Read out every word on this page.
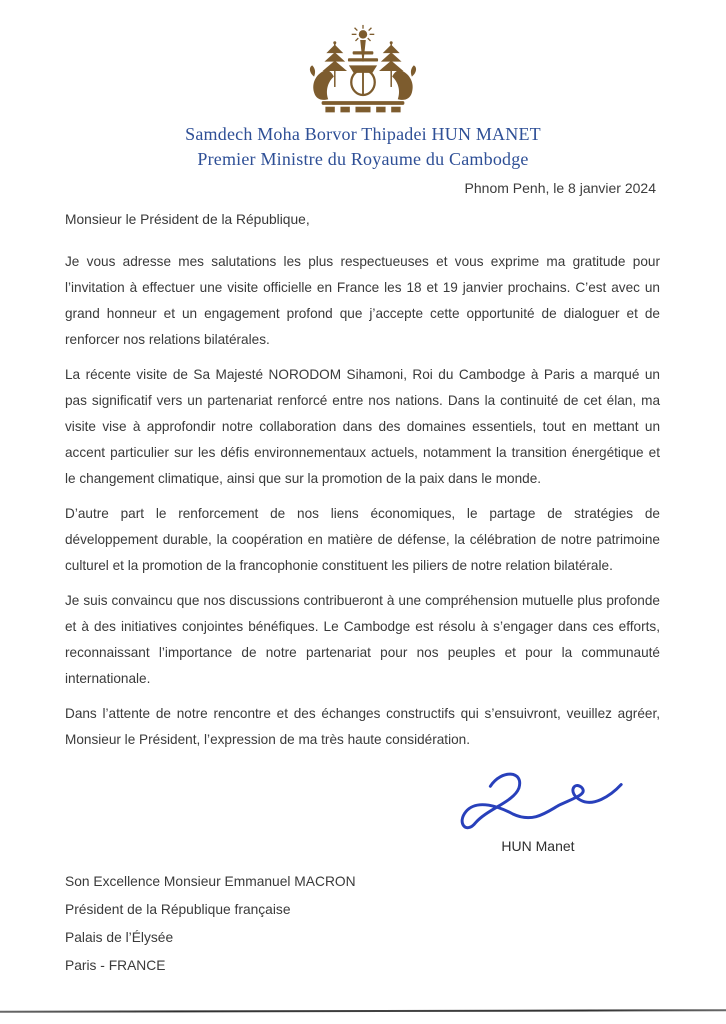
Samdech Moha Borvor Thipadei HUN MANET
Premier Ministre du Royaume du Cambodge
Phnom Penh, le 8 janvier 2024
Monsieur le Président de la République,

Je vous adresse mes salutations les plus respectueuses et vous exprime ma gratitude pour l’invitation à effectuer une visite officielle en France les 18 et 19 janvier prochains. C’est avec un grand honneur et un engagement profond que j’accepte cette opportunité de dialoguer et de renforcer nos relations bilatérales.

La récente visite de Sa Majesté NORODOM Sihamoni, Roi du Cambodge à Paris a marqué un pas significatif vers un partenariat renforcé entre nos nations. Dans la continuité de cet élan, ma visite vise à approfondir notre collaboration dans des domaines essentiels, tout en mettant un accent particulier sur les défis environnementaux actuels, notamment la transition énergétique et le changement climatique, ainsi que sur la promotion de la paix dans le monde.

D’autre part le renforcement de nos liens économiques, le partage de stratégies de développement durable, la coopération en matière de défense, la célébration de notre patrimoine culturel et la promotion de la francophonie constituent les piliers de notre relation bilatérale.

Je suis convaincu que nos discussions contribueront à une compréhension mutuelle plus profonde et à des initiatives conjointes bénéfiques. Le Cambodge est résolu à s’engager dans ces efforts, reconnaissant l’importance de notre partenariat pour nos peuples et pour la communauté internationale.

Dans l’attente de notre rencontre et des échanges constructifs qui s’ensuivront, veuillez agréer, Monsieur le Président, l’expression de ma très haute considération.

HUN Manet
Son Excellence Monsieur Emmanuel MACRON
Président de la République française
Palais de l’Élysée
Paris - FRANCE
